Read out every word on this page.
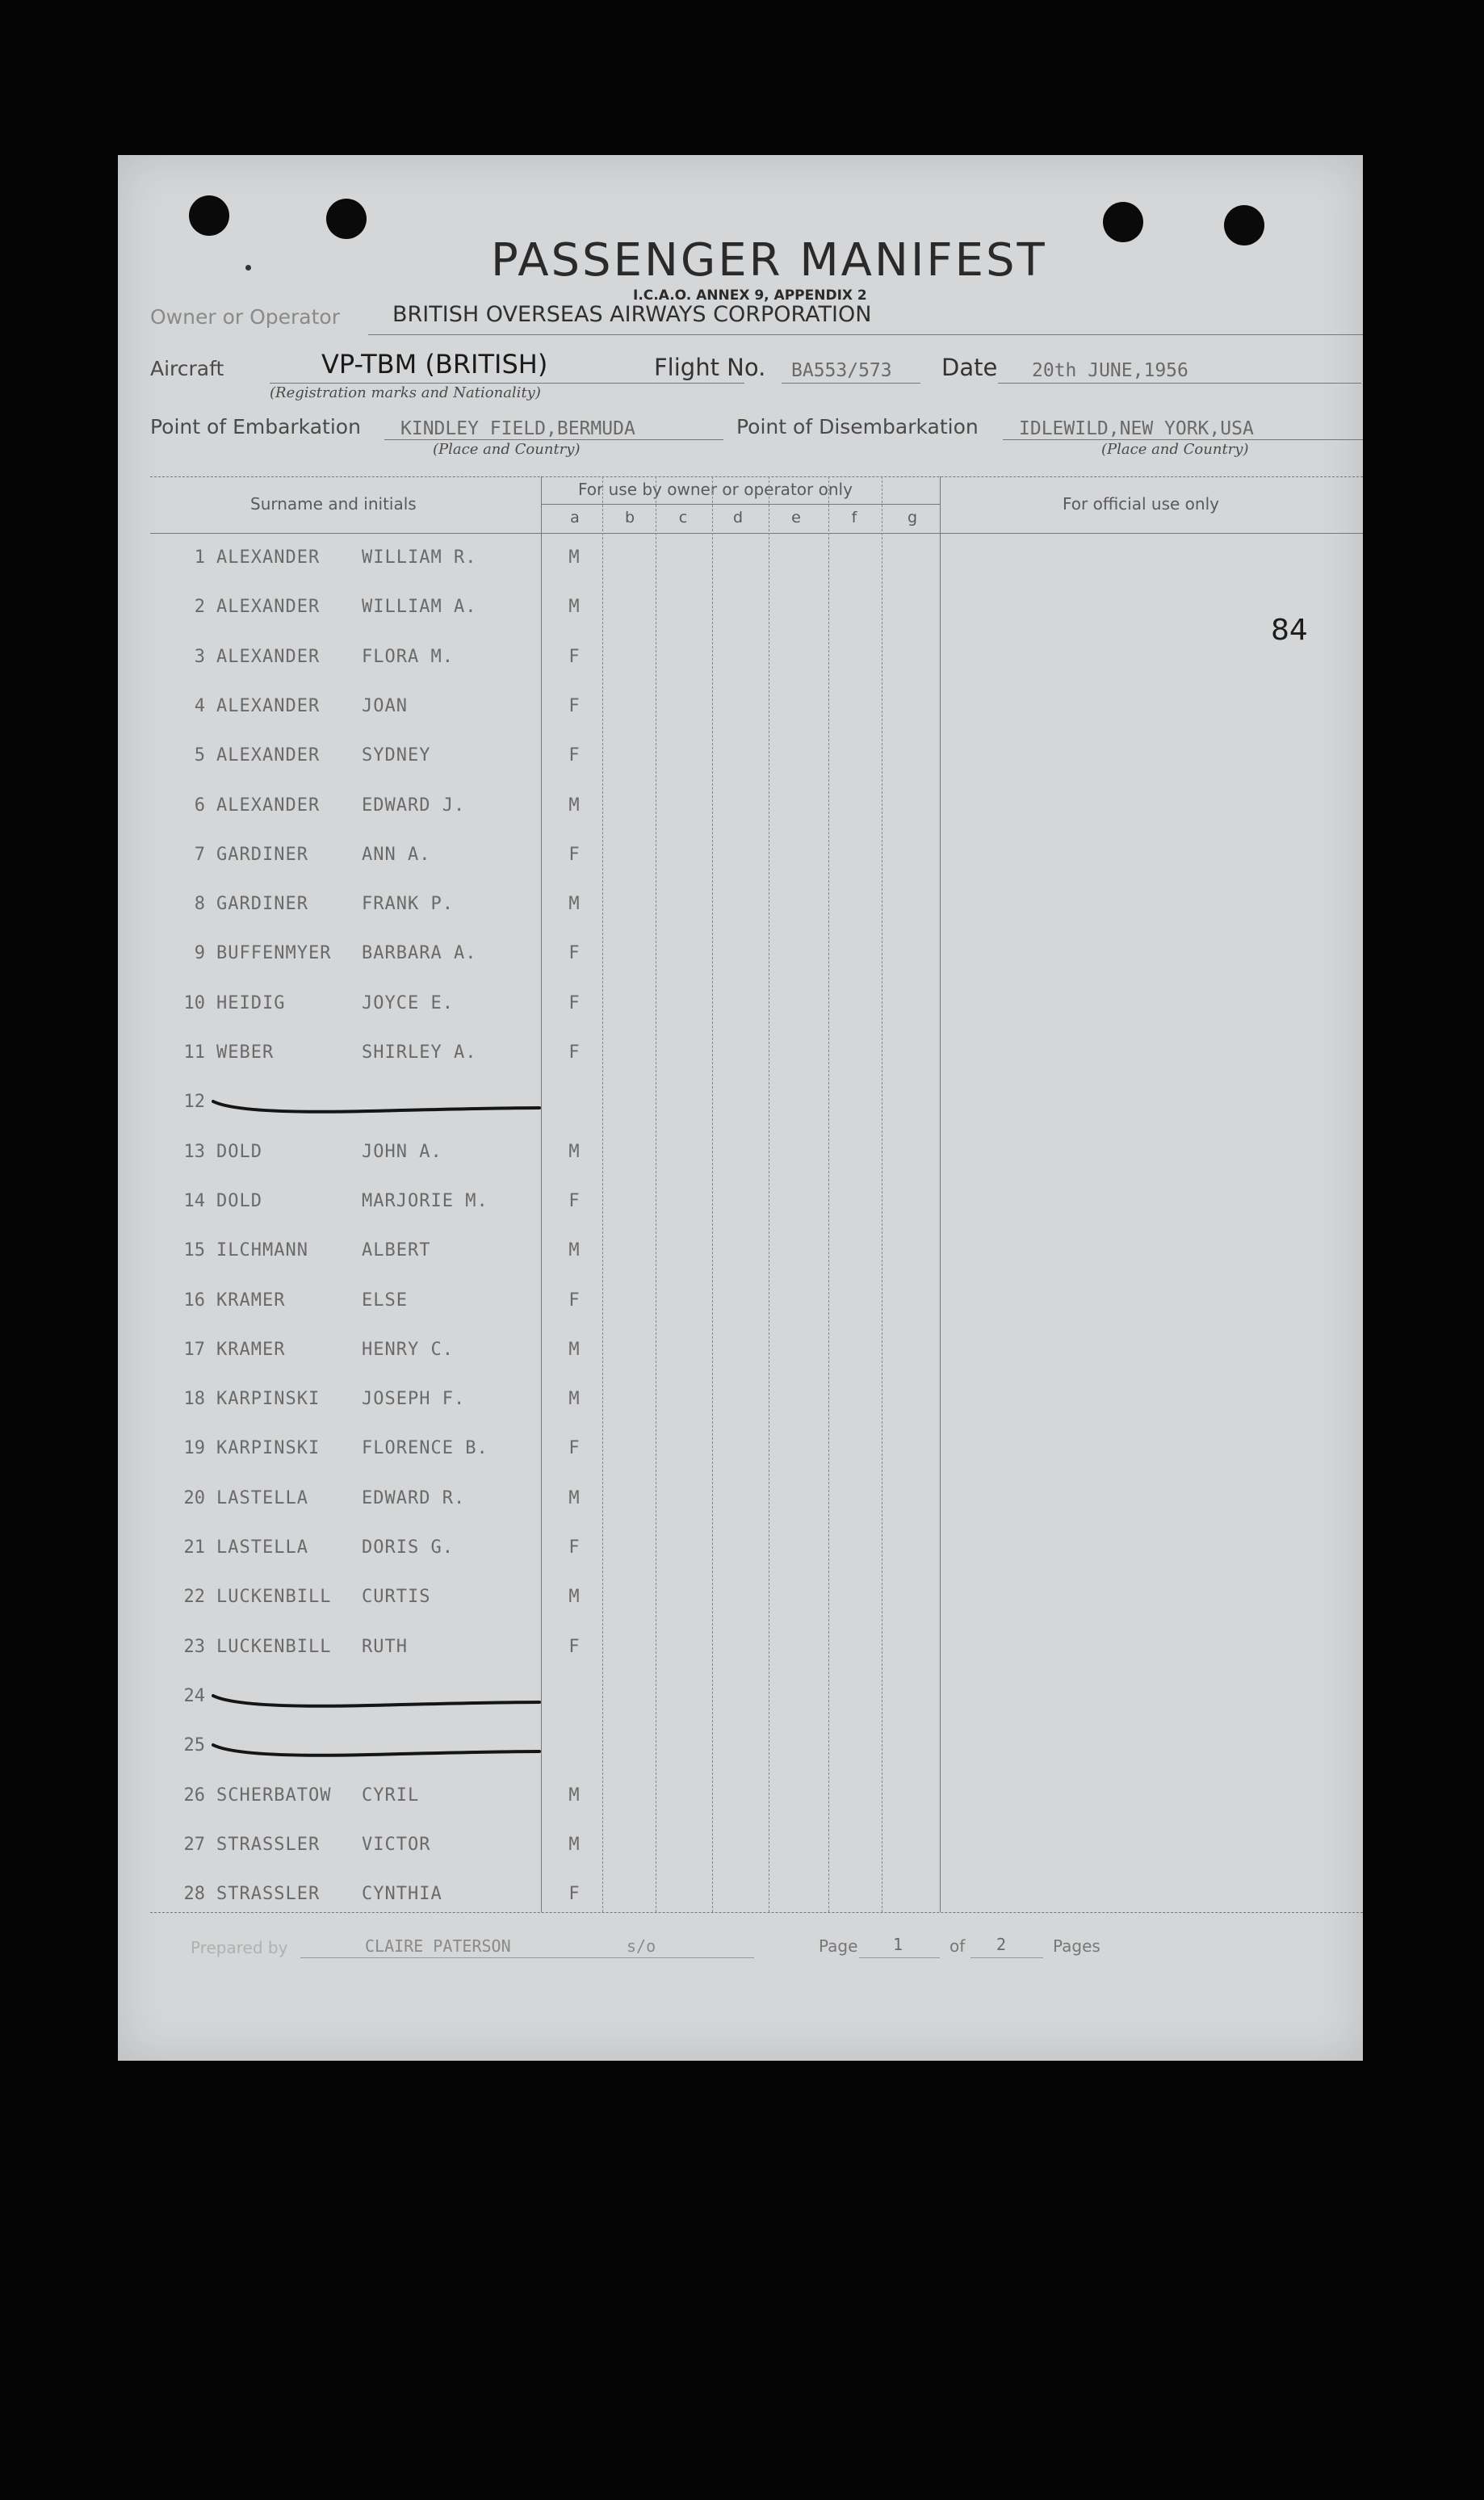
PASSENGER MANIFEST
I.C.A.O. ANNEX 9, APPENDIX 2
Owner or Operator BRITISH OVERSEAS AIRWAYS CORPORATION
Aircraft	VP-TBM (BRITISH)
(Registration marks and Nationality)
Flight No. BA553/573 Date 20th JUNE,1956
Point of Embarkation KINDLEY FIELD,BERMUDA
(Place and Country)
Point of Disembarkation IDLEWILD,NEW YORK,USA
(Place and Country)
Surname and initials
For use by owner or operator only
For official use only
a	b	c	d	e	f	g
1 ALEXANDER WILLIAM R.	M
2 ALEXANDER WILLIAM A.	M
3 ALEXANDER FLORA M.	F
4 ALEXANDER JOAN	F
5 ALEXANDER SYDNEY	F
6 ALEXANDER EDWARD J.	M
7 GARDINER	ANN A.	F
8 GARDINER	FRANK P.	M
9 BUFFENMYER BARBARA A.	F
10 HEIDIG	JOYCE E.	F
11 WEBER	SHIRLEY A.	F
12
13 DOLD	JOHN A.	M
14 DOLD	MARJORIE M.	F
15 ILCHMANN	ALBERT	M
16 KRAMER	ELSE	F
17 KRAMER	HENRY C.	M
18 KARPINSKI JOSEPH F.	M
19 KARPINSKI FLORENCE B.	F
20 LASTELLA	EDWARD R.	M
21 LASTELLA	DORIS G.	F
22 LUCKENBILL CURTIS	M
23 LUCKENBILL RUTH	F
24
25
26 SCHERBATOW CYRIL	M
27 STRASSLER VICTOR	M
28 STRASSLER CYNTHIA	F
84
Prepared by	CLAIRE PATERSON	s/o	Page 1	of 2	Pages
